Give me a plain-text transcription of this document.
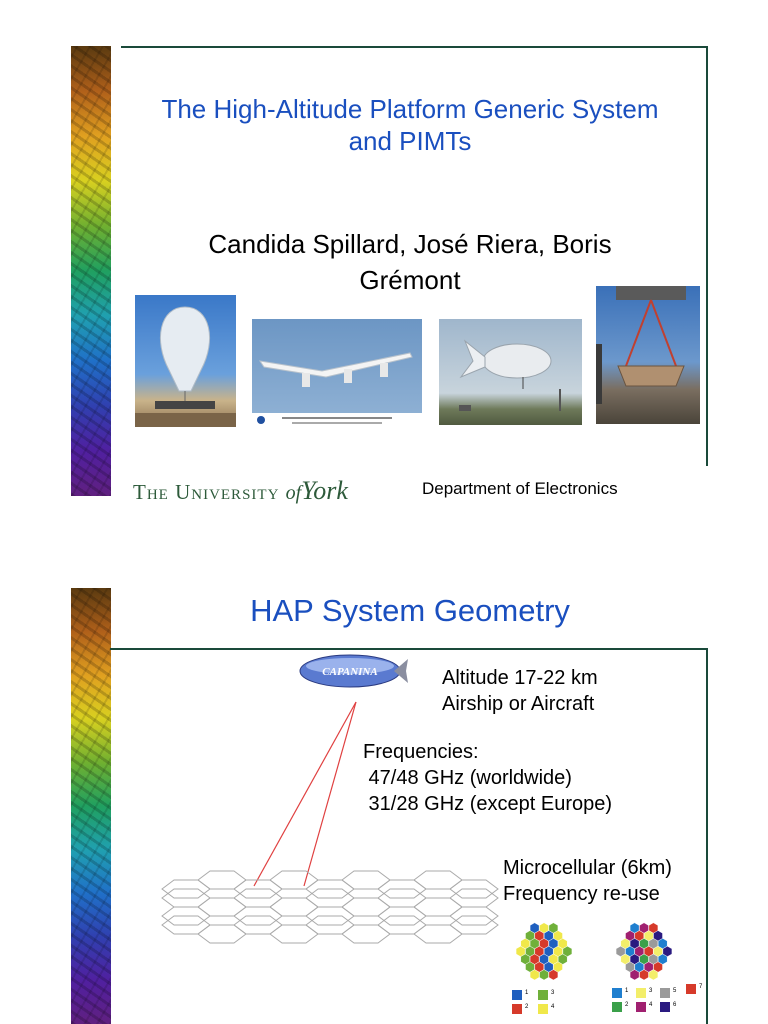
The High-Altitude Platform Generic System
and PIMTs
Candida Spillard, José Riera, Boris
Grémont
The University ofYork	Department of Electronics
HAP System Geometry
CAPANINA	Altitude 17-22 km
Airship or Aircraft
Frequencies:
47/48 GHz (worldwide)
31/28 GHz (except Europe)
Microcellular (6km)
Frequency re-use
1
2
3
4
1
2
3
4
5
6
7
